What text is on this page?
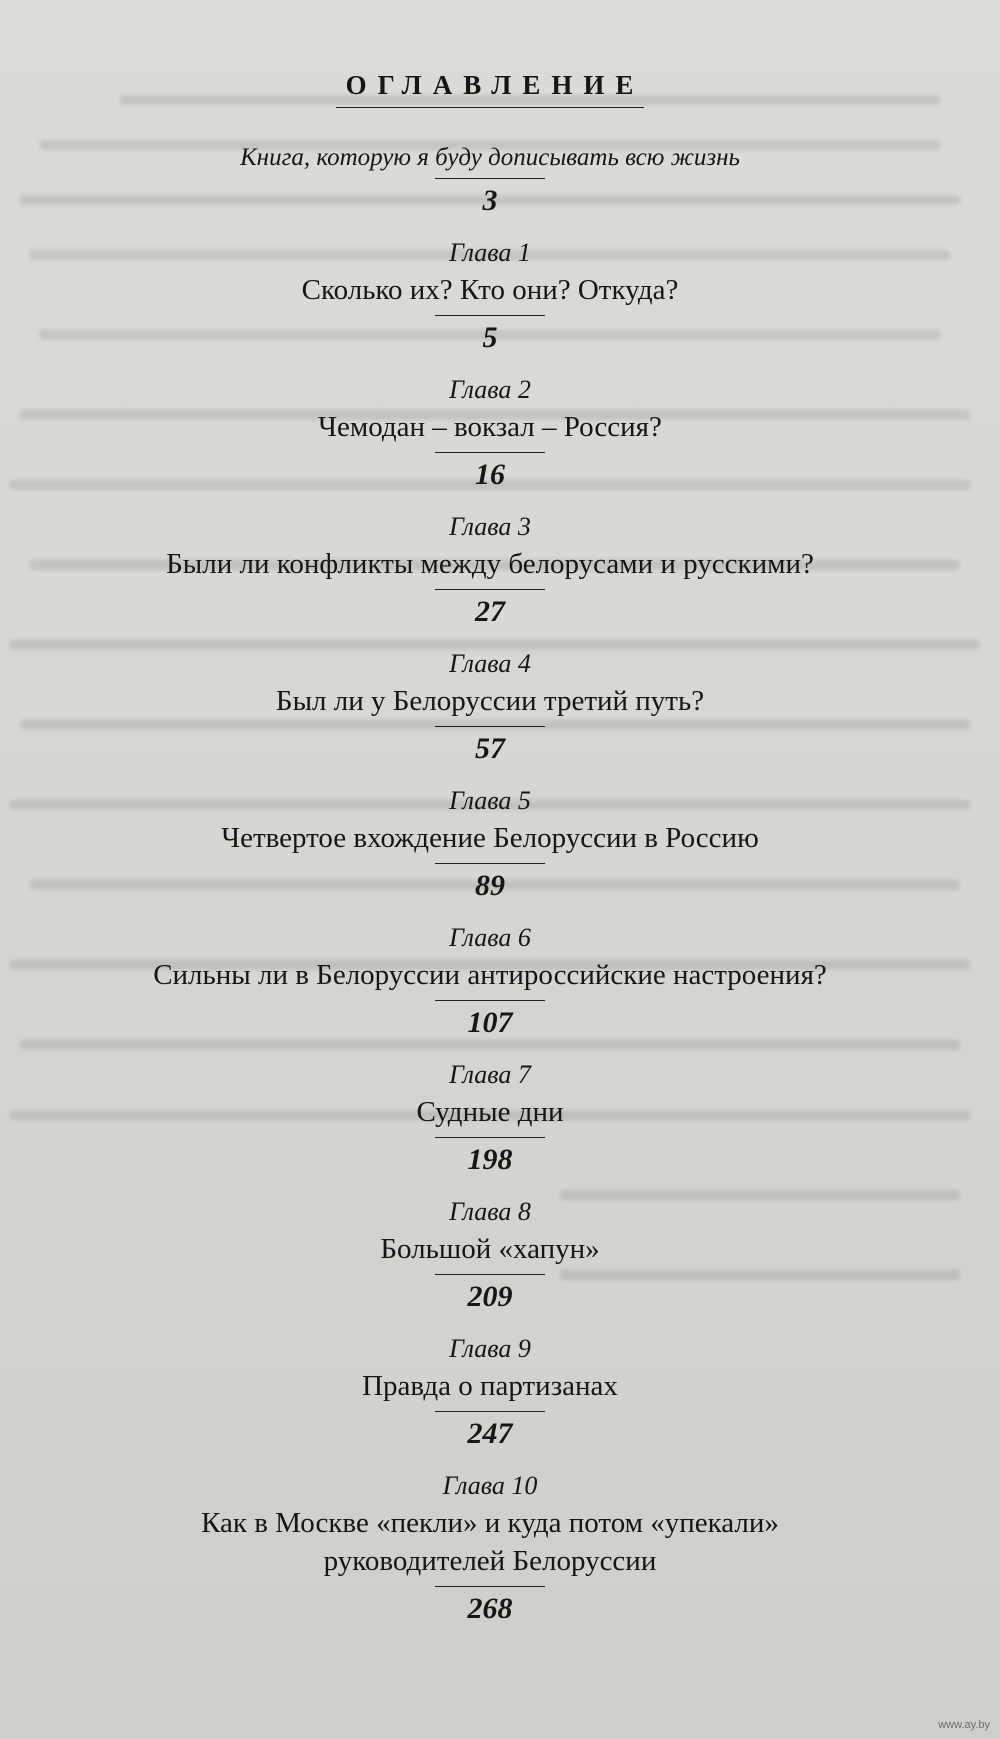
ОГЛАВЛЕНИЕ

Книга, которую я буду дописывать всю жизнь

3

Глава 1

Сколько их? Кто они? Откуда?

5

Глава 2

Чемодан – вокзал – Россия?

16

Глава 3

Были ли конфликты между белорусами и русскими?

27

Глава 4

Был ли у Белоруссии третий путь?

57

Глава 5

Четвертое вхождение Белоруссии в Россию

89

Глава 6

Сильны ли в Белоруссии антироссийские настроения?

107

Глава 7

Судные дни

198

Глава 8

Большой «хапун»

209

Глава 9

Правда о партизанах

247

Глава 10

Как в Москве «пекли» и куда потом «упекали» руководителей Белоруссии

268

www.ay.by
